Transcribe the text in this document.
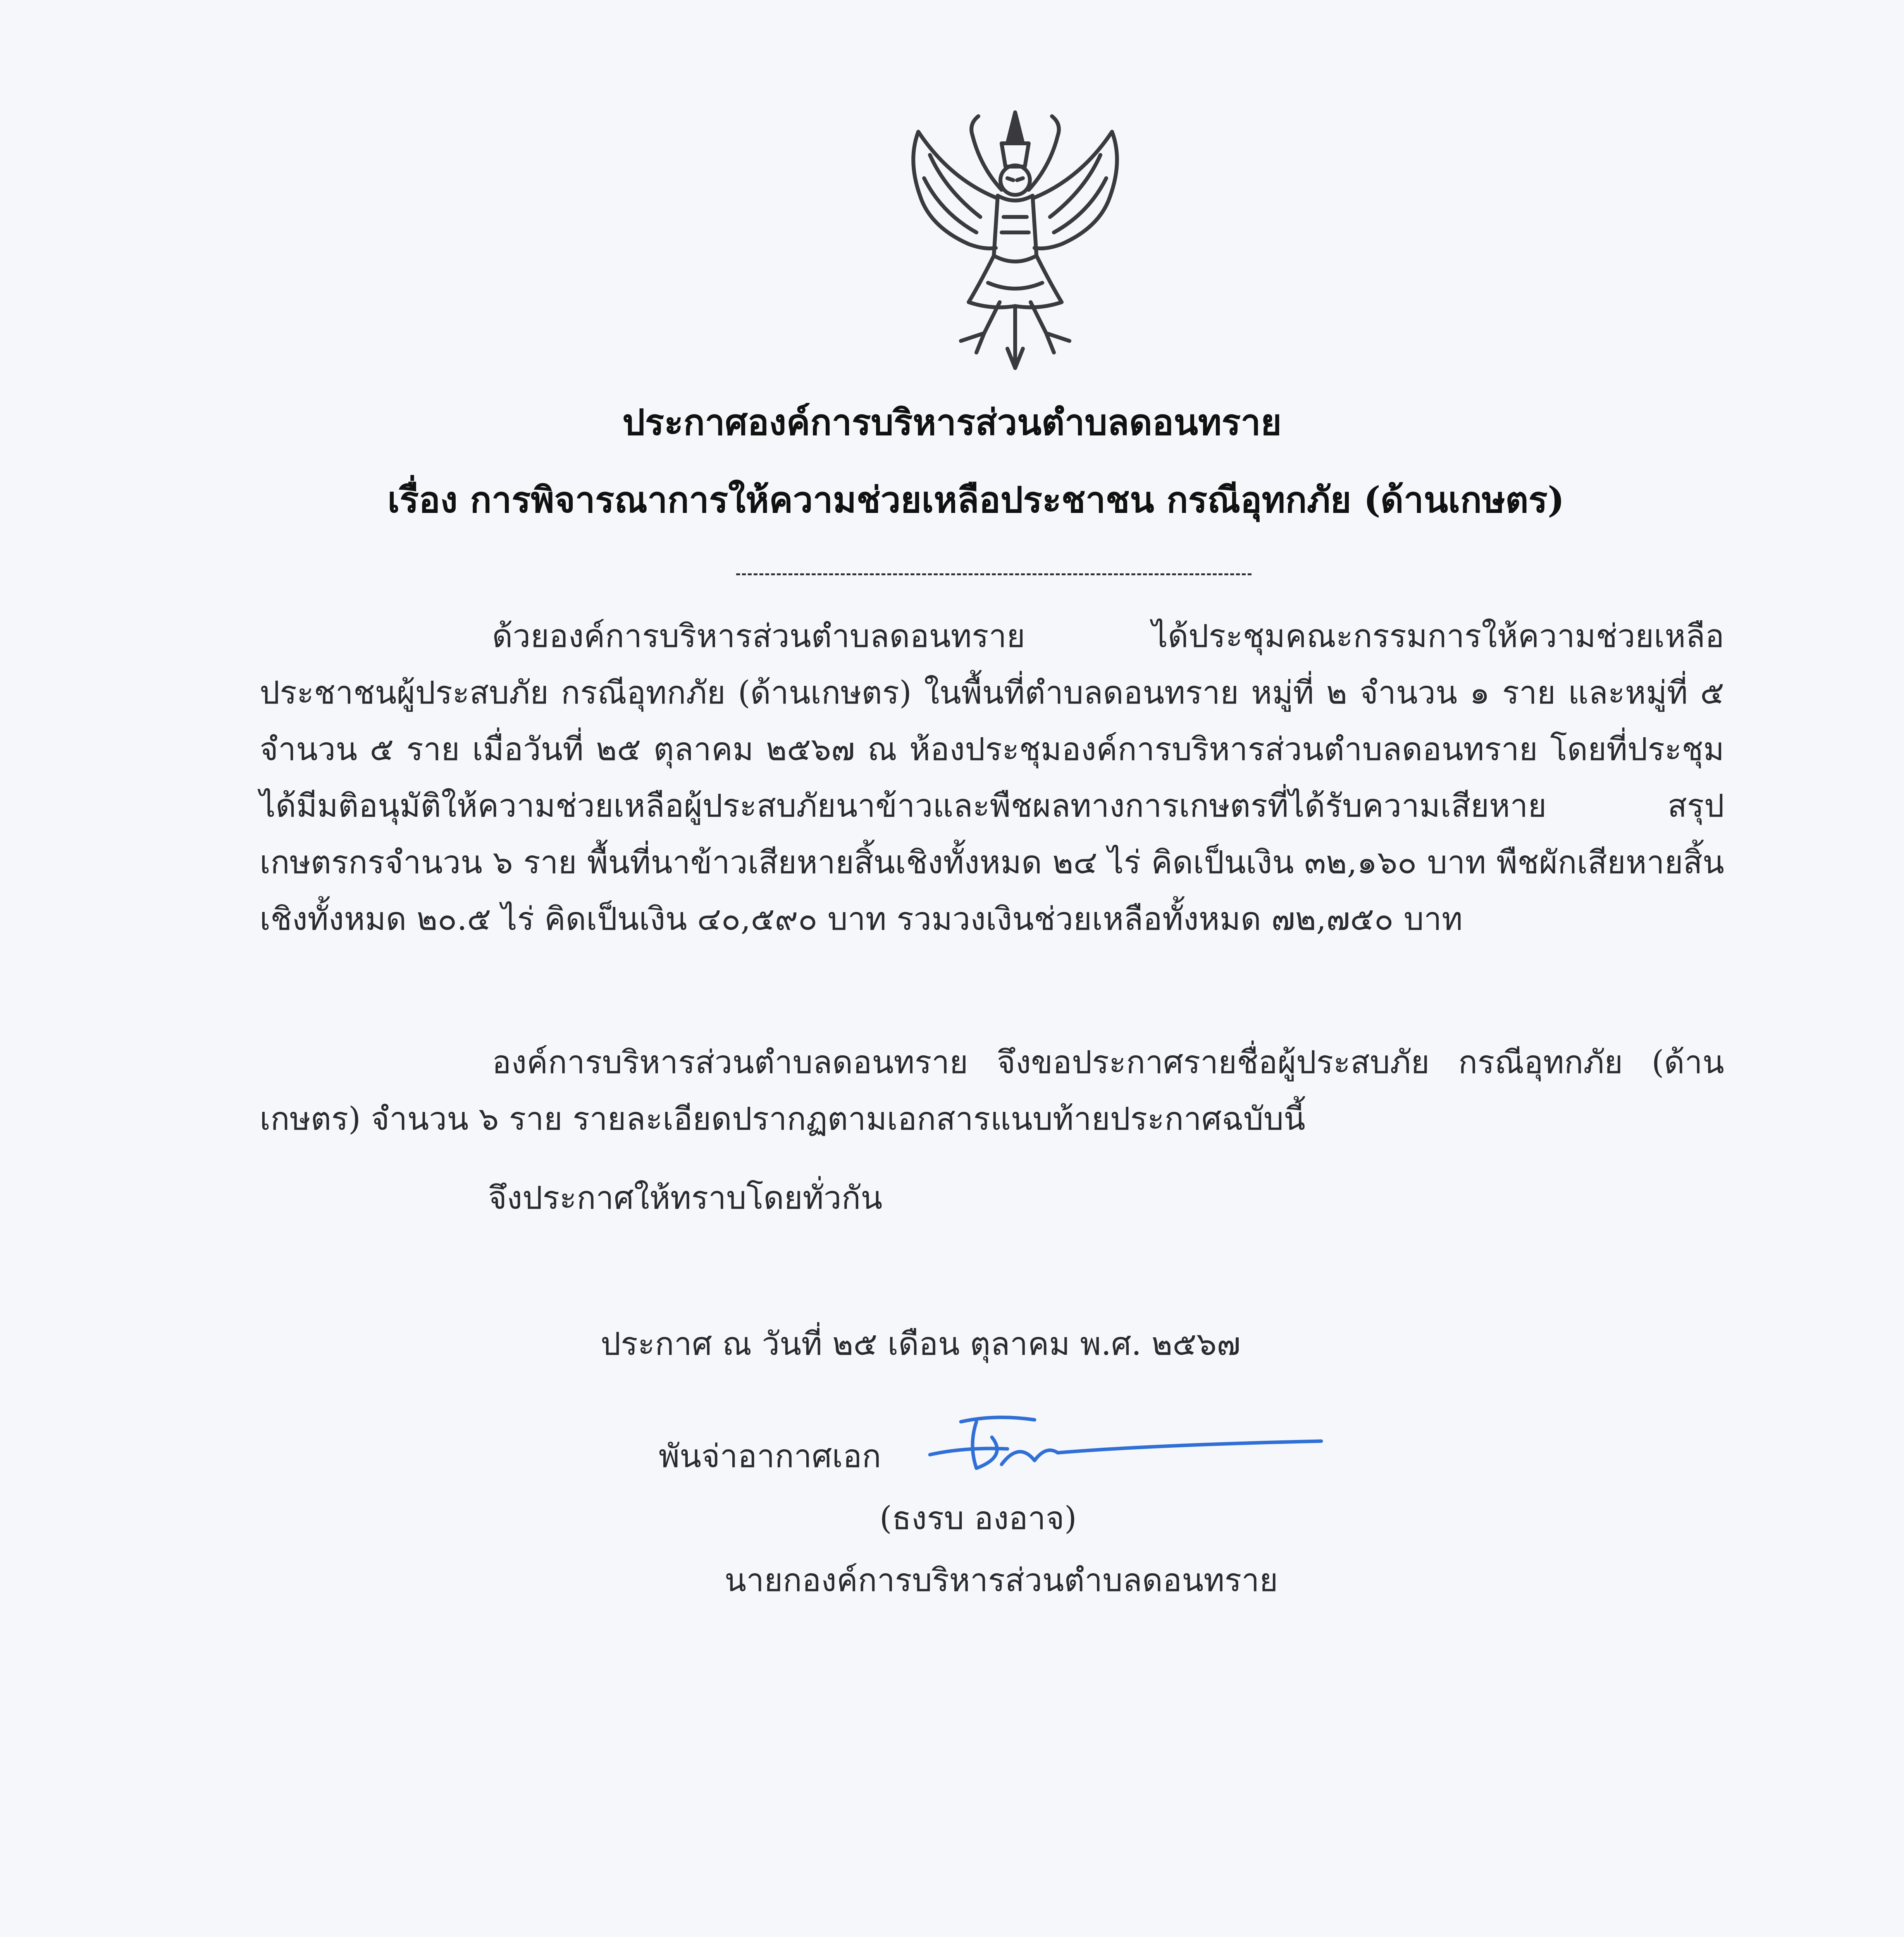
ประกาศองค์การบริหารส่วนตำบลดอนทราย
เรื่อง การพิจารณาการให้ความช่วยเหลือประชาชน กรณีอุทกภัย (ด้านเกษตร)

ด้วยองค์การบริหารส่วนตำบลดอนทราย ได้ประชุมคณะกรรมการให้ความช่วยเหลือประชาชนผู้ประสบภัย กรณีอุทกภัย (ด้านเกษตร) ในพื้นที่ตำบลดอนทราย หมู่ที่ ๒ จำนวน ๑ ราย และหมู่ที่ ๕ จำนวน ๕ ราย เมื่อวันที่ ๒๕ ตุลาคม ๒๕๖๗ ณ ห้องประชุมองค์การบริหารส่วนตำบลดอนทราย โดยที่ประชุมได้มีมติอนุมัติให้ความช่วยเหลือผู้ประสบภัยนาข้าวและพืชผลทางการเกษตรที่ได้รับความเสียหาย สรุปเกษตรกรจำนวน ๖ ราย พื้นที่นาข้าวเสียหายสิ้นเชิงทั้งหมด ๒๔ ไร่ คิดเป็นเงิน ๓๒,๑๖๐ บาท พืชผักเสียหายสิ้นเชิงทั้งหมด ๒๐.๕ ไร่ คิดเป็นเงิน ๔๐,๕๙๐ บาท รวมวงเงินช่วยเหลือทั้งหมด ๗๒,๗๕๐ บาท

องค์การบริหารส่วนตำบลดอนทราย จึงขอประกาศรายชื่อผู้ประสบภัย กรณีอุทกภัย (ด้านเกษตร) จำนวน ๖ ราย รายละเอียดปรากฏตามเอกสารแนบท้ายประกาศฉบับนี้

จึงประกาศให้ทราบโดยทั่วกัน

ประกาศ ณ วันที่ ๒๕ เดือน ตุลาคม พ.ศ. ๒๕๖๗
พันจ่าอากาศเอก
(ธงรบ องอาจ)
นายกองค์การบริหารส่วนตำบลดอนทราย
